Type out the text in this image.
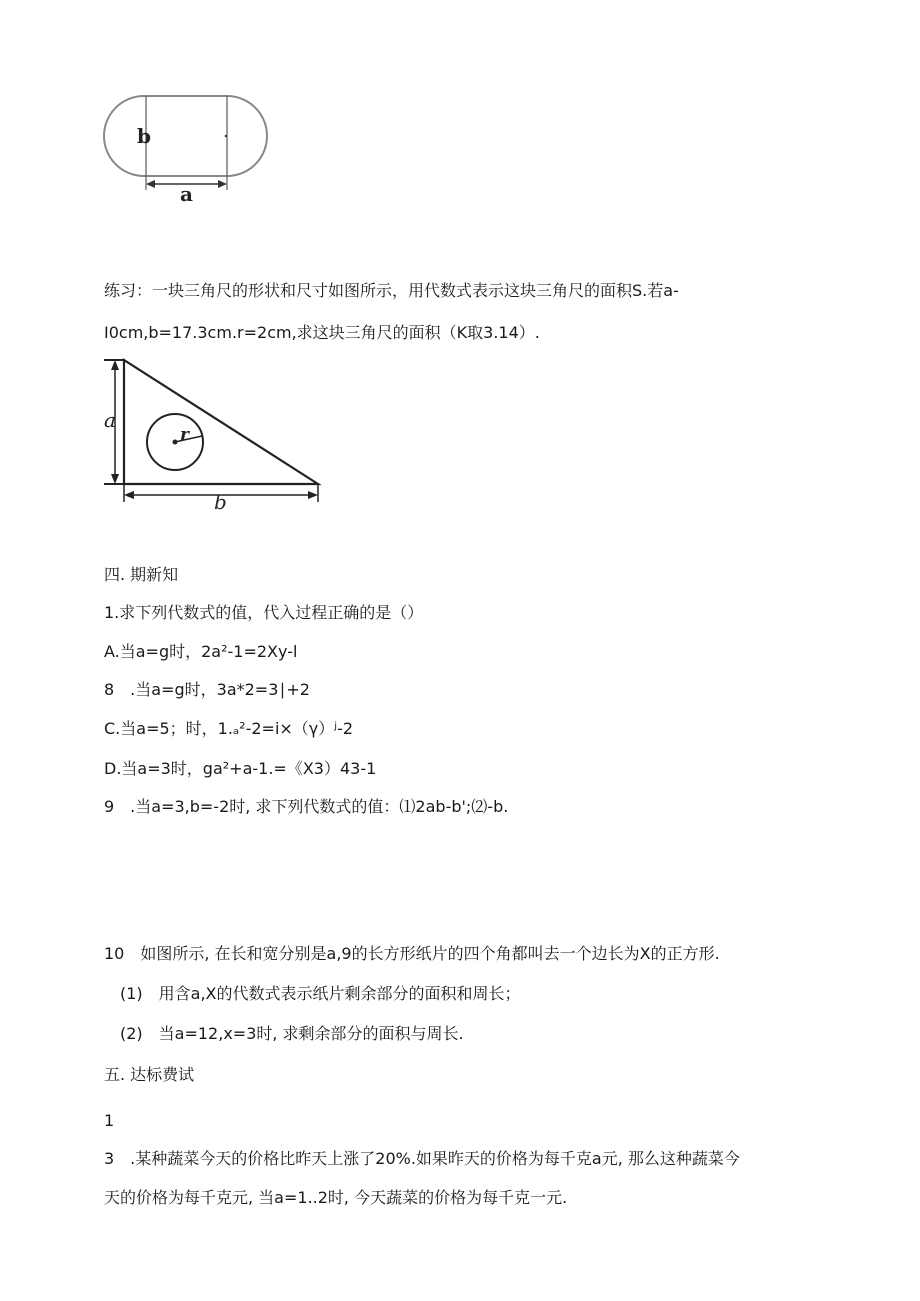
b
a
练习：一块三角尺的形状和尺寸如图所示，用代数式表示这块三角尺的面积S.若a-
I0cm,b=17.3cm.r=2cm,求这块三角尺的面积（K取3.14）.
a
r
b
四. 期新知
1.求下列代数式的值，代入过程正确的是（）
A.当a=g时，2a²-1=2Xy-l
8　.当a=g时，3a*2=3∣+2
C.当a=5；时，1.ₐ²-2=i×（γ）ʲ-2
D.当a=3时，ga²+a-1.=《X3）43-1
9　.当a=3,b=-2时, 求下列代数式的值：⑴2ab-b';⑵-b.
10　如图所示, 在长和宽分别是a,9的长方形纸片的四个角都叫去一个边长为X的正方形.
(1)　用含a,X的代数式表示纸片剩余部分的面积和周长；
(2)　当a=12,x=3时, 求剩余部分的面积与周长.
五. 达标费试
1
3　.某种蔬菜今天的价格比昨天上涨了20%.如果昨天的价格为每千克a元, 那么这种蔬菜今
天的价格为每千克元, 当a=1..2时, 今天蔬菜的价格为每千克一元.
